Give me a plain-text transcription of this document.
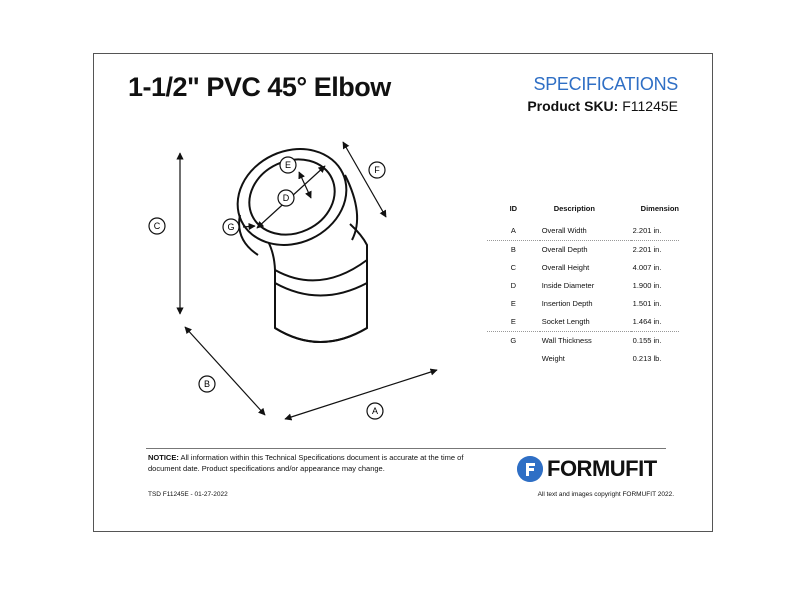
1-1/2" PVC 45° Elbow	SPECIFICATIONS
Product SKU: F11245E
A
B
C
D
E	F
G
ID	Description	Dimension
A	Overall Width	2.201 in.
B	Overall Depth	2.201 in.
C	Overall Height	4.007 in.
D	Inside Diameter	1.900 in.
E	Insertion Depth	1.501 in.
E	Socket Length	1.464 in.
G	Wall Thickness	0.155 in.
	Weight	0.213 lb.
NOTICE: All information within this Technical Specifications document is accurate at the time of document date. Product specifications and/or appearance may change.	FORMUFIT
TSD F11245E - 01-27-2022	All text and images copyright FORMUFIT 2022.
